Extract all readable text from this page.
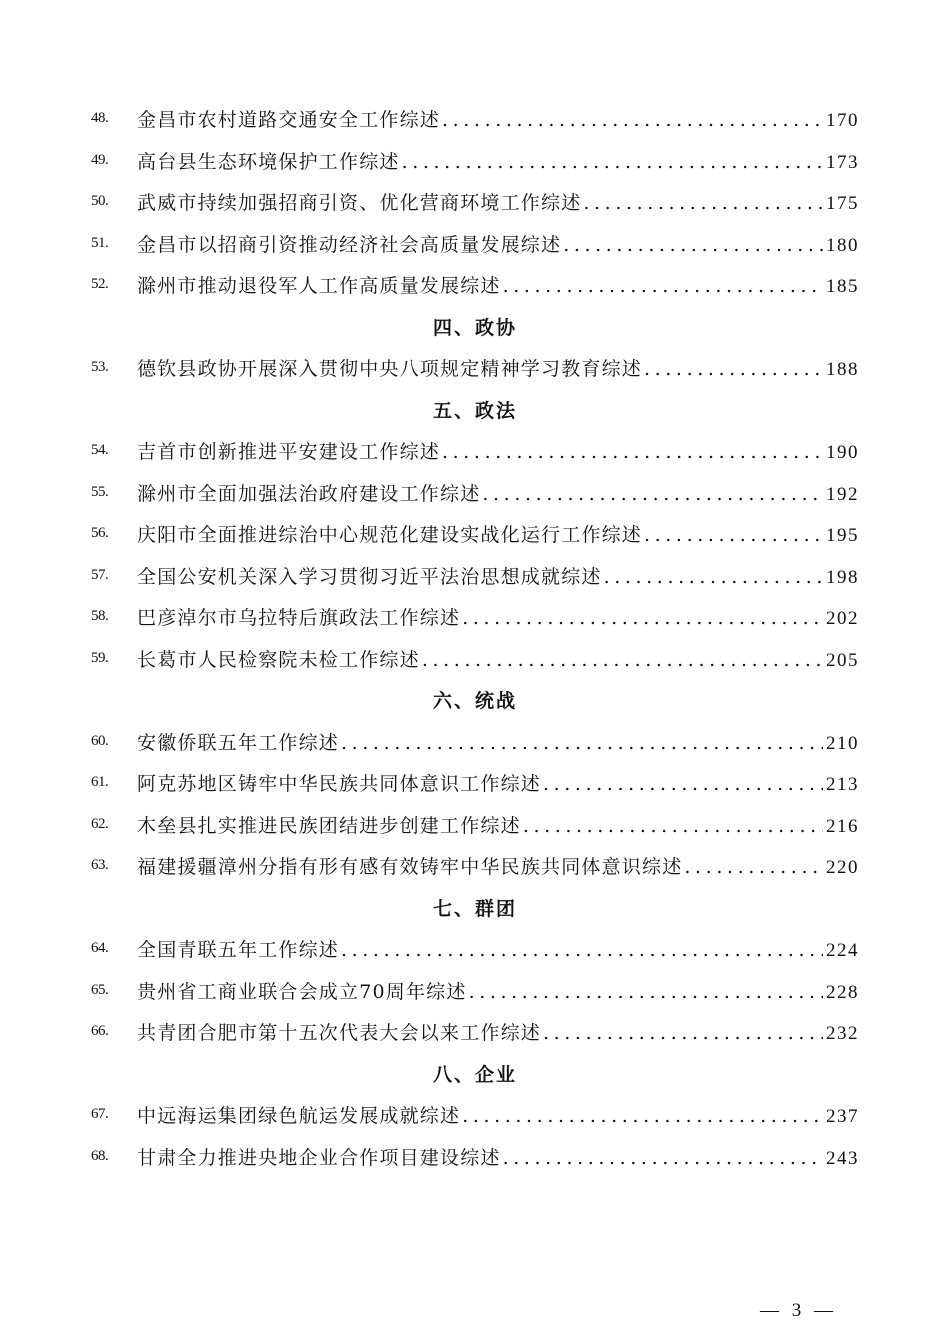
48.	金昌市农村道路交通安全工作综述 .....	170
49.	高台县生态环境保护工作综述 .....	173
50.	武威市持续加强招商引资、优化营商环境工作综述 .....	175
51.	金昌市以招商引资推动经济社会高质量发展综述 .....	180
52.	滁州市推动退役军人工作高质量发展综述 .....	185
四、政协
53.	德钦县政协开展深入贯彻中央八项规定精神学习教育综述 .....	188
五、政法
54.	吉首市创新推进平安建设工作综述 .....	190
55.	滁州市全面加强法治政府建设工作综述 .....	192
56.	庆阳市全面推进综治中心规范化建设实战化运行工作综述 .....	195
57.	全国公安机关深入学习贯彻习近平法治思想成就综述 .....	198
58.	巴彦淖尔市乌拉特后旗政法工作综述 .....	202
59.	长葛市人民检察院未检工作综述 .....	205
六、统战
60.	安徽侨联五年工作综述 .....	210
61.	阿克苏地区铸牢中华民族共同体意识工作综述 .....	213
62.	木垒县扎实推进民族团结进步创建工作综述 .....	216
63.	福建援疆漳州分指有形有感有效铸牢中华民族共同体意识综述 .....	220
七、群团
64.	全国青联五年工作综述 .....	224
65.	贵州省工商业联合会成立70周年综述 .....	228
66.	共青团合肥市第十五次代表大会以来工作综述 .....	232
八、企业
67.	中远海运集团绿色航运发展成就综述 .....	237
68.	甘肃全力推进央地企业合作项目建设综述 .....	243
— 3 —
